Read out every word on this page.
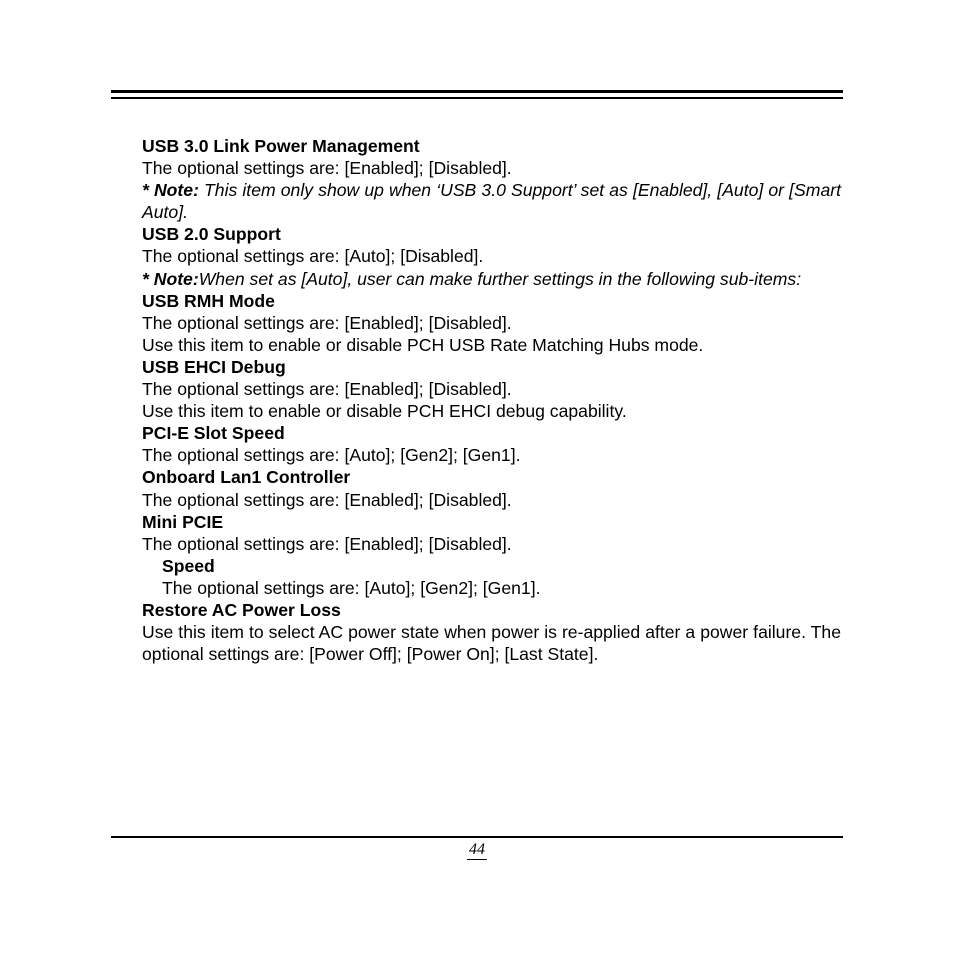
USB 3.0 Link Power Management

The optional settings are: [Enabled]; [Disabled].

* Note: This item only show up when ‘USB 3.0 Support’ set as [Enabled], [Auto] or [Smart Auto].

USB 2.0 Support

The optional settings are: [Auto]; [Disabled].

* Note:When set as [Auto], user can make further settings in the following sub-items:

USB RMH Mode

The optional settings are: [Enabled]; [Disabled].

Use this item to enable or disable PCH USB Rate Matching Hubs mode.

USB EHCI Debug

The optional settings are: [Enabled]; [Disabled].

Use this item to enable or disable PCH EHCI debug capability.

PCI-E Slot Speed

The optional settings are: [Auto]; [Gen2]; [Gen1].

Onboard Lan1 Controller

The optional settings are: [Enabled]; [Disabled].

Mini PCIE

The optional settings are: [Enabled]; [Disabled].

Speed

The optional settings are: [Auto]; [Gen2]; [Gen1].

Restore AC Power Loss

Use this item to select AC power state when power is re-applied after a power failure. The optional settings are: [Power Off]; [Power On]; [Last State].

44
